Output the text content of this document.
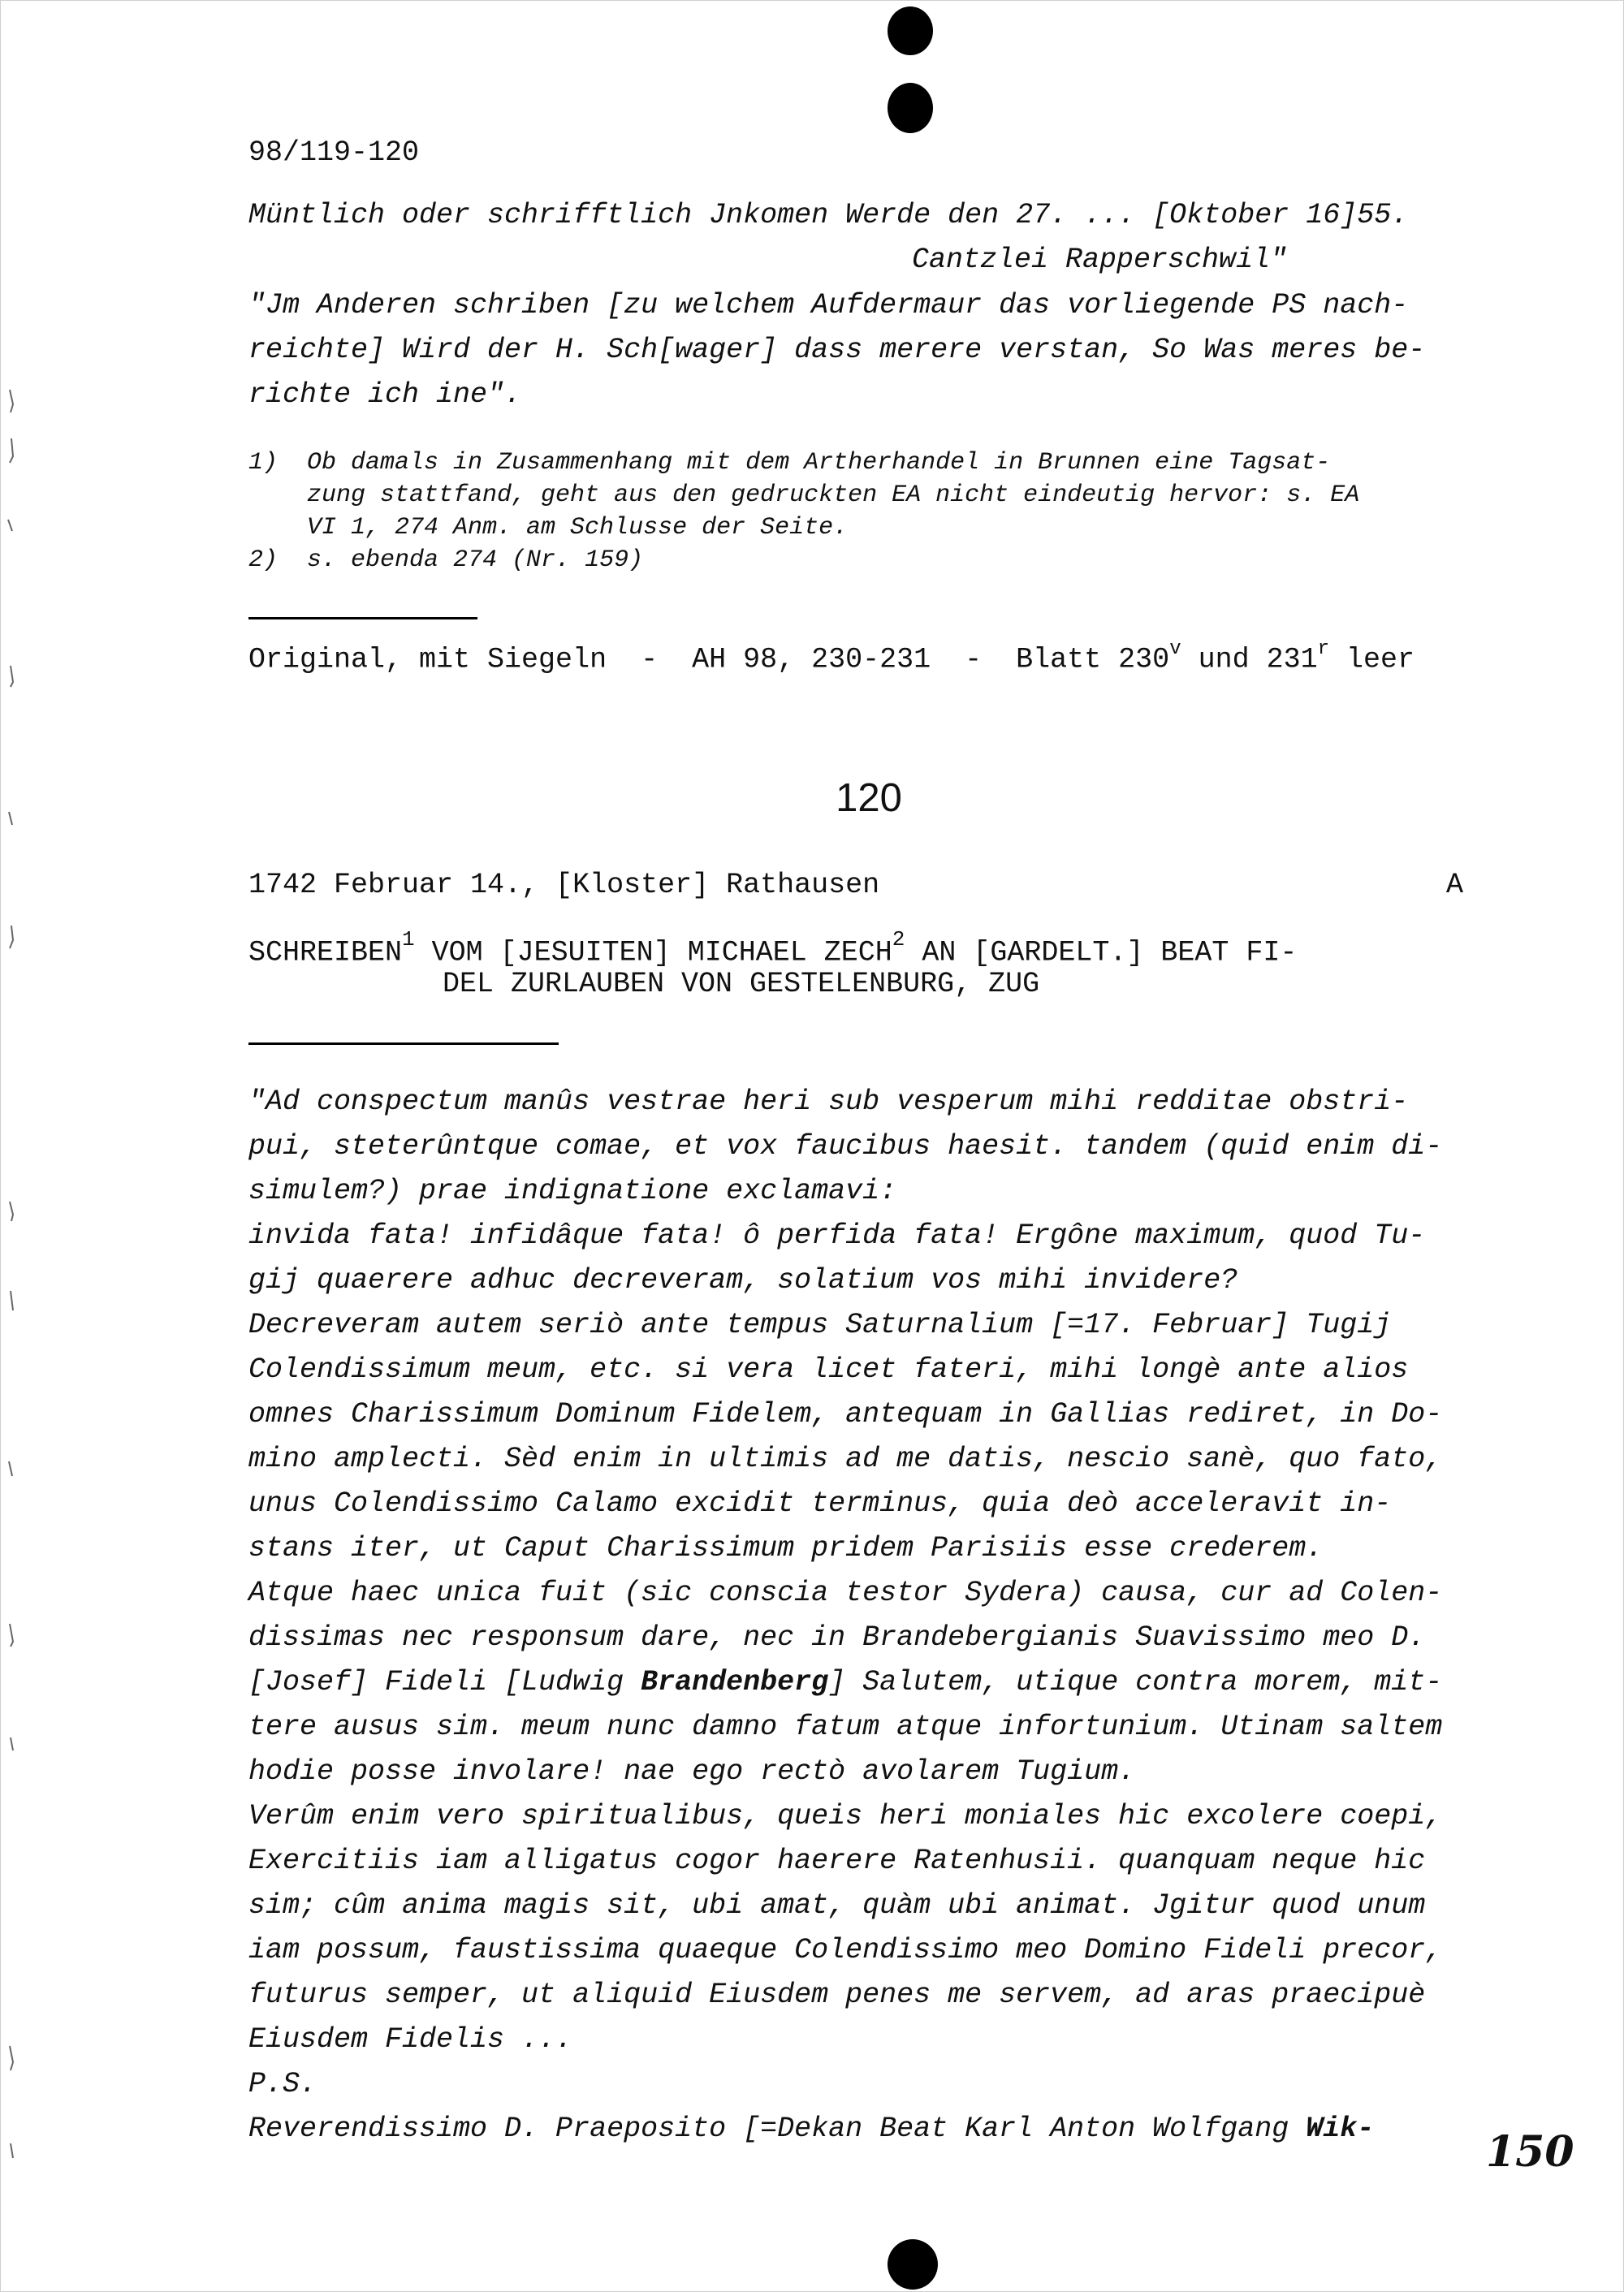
98/119-120
Müntlich oder schrifftlich Jnkomen Werde den 27. ... [Oktober 16]55.
Cantzlei Rapperschwil"
"Jm Anderen schriben [zu welchem Aufdermaur das vorliegende PS nach-
reichte] Wird der H. Sch[wager] dass merere verstan, So Was meres be-
richte ich ine".
1)  Ob damals in Zusammenhang mit dem Artherhandel in Brunnen eine Tagsat-
zung stattfand, geht aus den gedruckten EA nicht eindeutig hervor: s. EA
VI 1, 274 Anm. am Schlusse der Seite.
2)  s. ebenda 274 (Nr. 159)
Original, mit Siegeln  -  AH 98, 230-231  -  Blatt 230$^v$ und 231$^r$ leer
120
1742 Februar 14., [Kloster] Rathausen	A
SCHREIBEN$^1$ VOM [JESUITEN] MICHAEL ZECH$^2$ AN [GARDELT.] BEAT FI-
DEL ZURLAUBEN VON GESTELENBURG, ZUG
"Ad conspectum manûs vestrae heri sub vesperum mihi redditae obstri-
pui, steterûntque comae, et vox faucibus haesit. tandem (quid enim di-
simulem?) prae indignatione exclamavi:
invida fata! infidâque fata! ô perfida fata! Ergône maximum, quod Tu-
gij quaerere adhuc decreveram, solatium vos mihi invidere?
Decreveram autem seriò ante tempus Saturnalium [=17. Februar] Tugij
Colendissimum meum, etc. si vera licet fateri, mihi longè ante alios
omnes Charissimum Dominum Fidelem, antequam in Gallias rediret, in Do-
mino amplecti. Sèd enim in ultimis ad me datis, nescio sanè, quo fato,
unus Colendissimo Calamo excidit terminus, quia deò acceleravit in-
stans iter, ut Caput Charissimum pridem Parisiis esse crederem.
Atque haec unica fuit (sic conscia testor Sydera) causa, cur ad Colen-
dissimas nec responsum dare, nec in Brandebergianis Suavissimo meo D.
[Josef] Fideli [Ludwig Brandenberg] Salutem, utique contra morem, mit-
tere ausus sim. meum nunc damno fatum atque infortunium. Utinam saltem
hodie posse involare! nae ego rectò avolarem Tugium.
Verûm enim vero spiritualibus, queis heri moniales hic excolere coepi,
Exercitiis iam alligatus cogor haerere Ratenhusii. quanquam neque hic
sim; cûm anima magis sit, ubi amat, quàm ubi animat. Jgitur quod unum
iam possum, faustissima quaeque Colendissimo meo Domino Fideli precor,
futurus semper, ut aliquid Eiusdem penes me servem, ad aras praecipuè
Eiusdem Fidelis ...
P.S.
Reverendissimo D. Praeposito [=Dekan Beat Karl Anton Wolfgang Wik-	150
